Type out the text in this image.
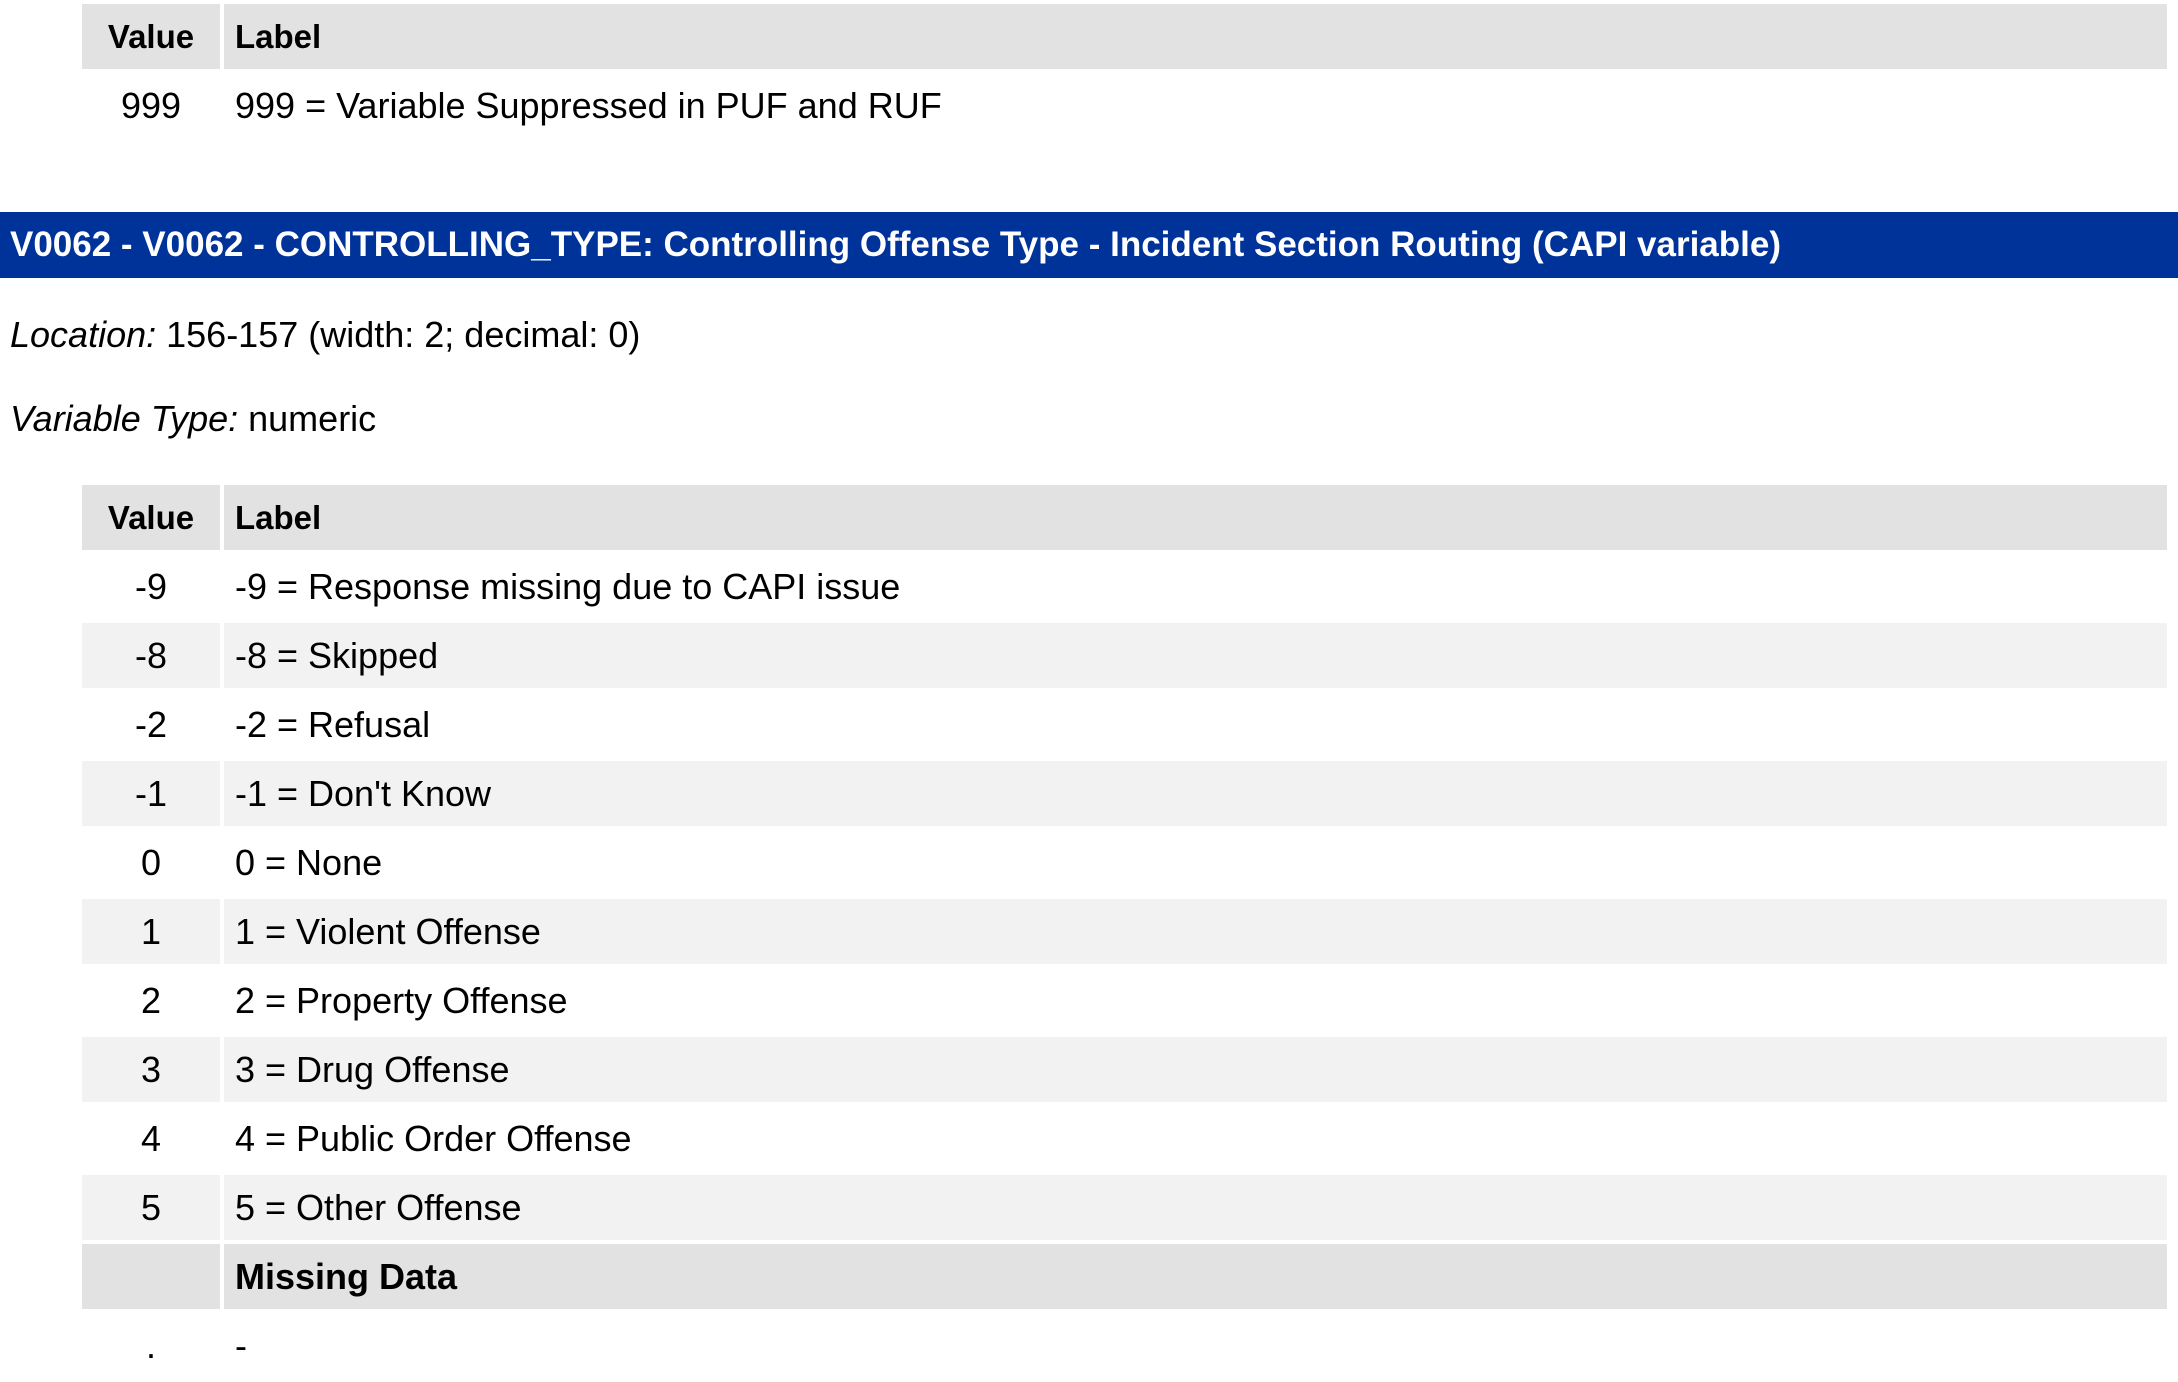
Value	Label
999	999 = Variable Suppressed in PUF and RUF
V0062 - V0062 - CONTROLLING_TYPE: Controlling Offense Type - Incident Section Routing (CAPI variable)
Location: 156-157 (width: 2; decimal: 0)
Variable Type: numeric
Value	Label
-9	-9 = Response missing due to CAPI issue
-8	-8 = Skipped
-2	-2 = Refusal
-1	-1 = Don't Know
0	0 = None
1	1 = Violent Offense
2	2 = Property Offense
3	3 = Drug Offense
4	4 = Public Order Offense
5	5 = Other Offense
	Missing Data
.	-
